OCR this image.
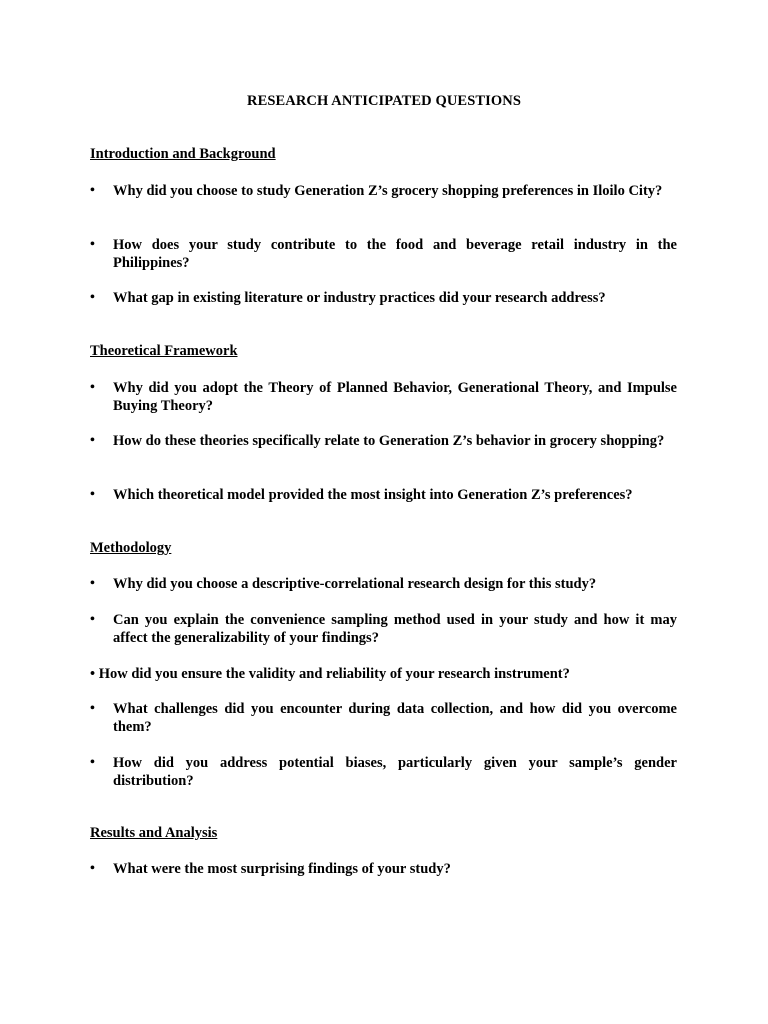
RESEARCH ANTICIPATED QUESTIONS
Introduction and Background
•	Why did you choose to study Generation Z’s grocery shopping preferences in Iloilo City?
•	How does your study contribute to the food and beverage retail industry in the Philippines?
•	What gap in existing literature or industry practices did your research address?
Theoretical Framework
•	Why did you adopt the Theory of Planned Behavior, Generational Theory, and Impulse Buying Theory?
•	How do these theories specifically relate to Generation Z’s behavior in grocery shopping?
•	Which theoretical model provided the most insight into Generation Z’s preferences?
Methodology
•	Why did you choose a descriptive-correlational research design for this study?
•	Can you explain the convenience sampling method used in your study and how it may affect the generalizability of your findings?
• How did you ensure the validity and reliability of your research instrument?
•	What challenges did you encounter during data collection, and how did you overcome them?
•	How did you address potential biases, particularly given your sample’s gender distribution?
Results and Analysis
•	What were the most surprising findings of your study?
